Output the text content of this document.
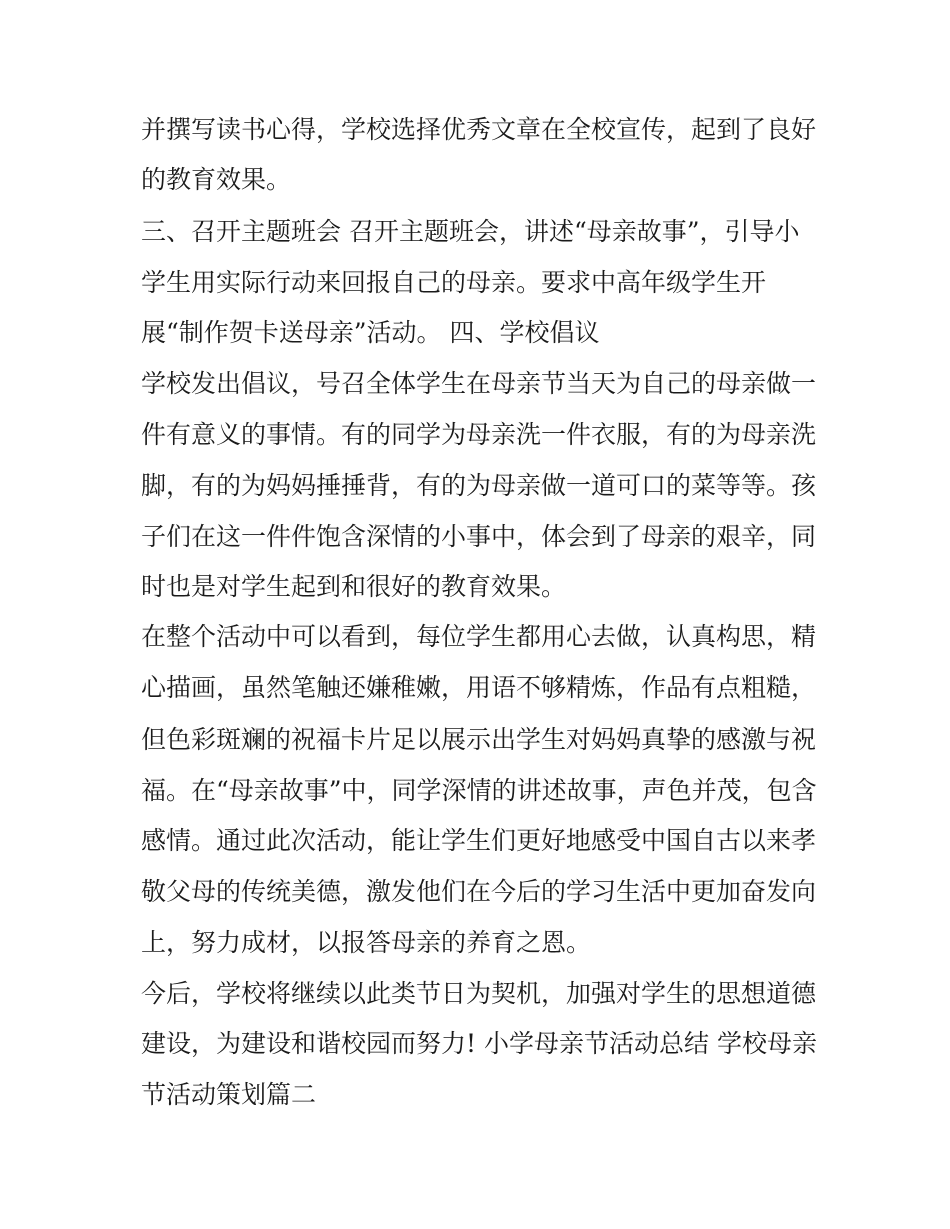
并撰写读书心得，学校选择优秀文章在全校宣传，起到了良好
的教育效果。
三、召开主题班会 召开主题班会，讲述“母亲故事”，引导小
学生用实际行动来回报自己的母亲。要求中高年级学生开
展“制作贺卡送母亲”活动。 四、学校倡议
学校发出倡议，号召全体学生在母亲节当天为自己的母亲做一
件有意义的事情。有的同学为母亲洗一件衣服，有的为母亲洗
脚，有的为妈妈捶捶背，有的为母亲做一道可口的菜等等。孩
子们在这一件件饱含深情的小事中，体会到了母亲的艰辛，同
时也是对学生起到和很好的教育效果。
在整个活动中可以看到，每位学生都用心去做，认真构思，精
心描画，虽然笔触还嫌稚嫩，用语不够精炼，作品有点粗糙，
但色彩斑斓的祝福卡片足以展示出学生对妈妈真挚的感激与祝
福。在“母亲故事”中，同学深情的讲述故事，声色并茂，包含
感情。通过此次活动，能让学生们更好地感受中国自古以来孝
敬父母的传统美德，激发他们在今后的学习生活中更加奋发向
上，努力成材，以报答母亲的养育之恩。
今后，学校将继续以此类节日为契机，加强对学生的思想道德
建设，为建设和谐校园而努力! 小学母亲节活动总结 学校母亲
节活动策划篇二
